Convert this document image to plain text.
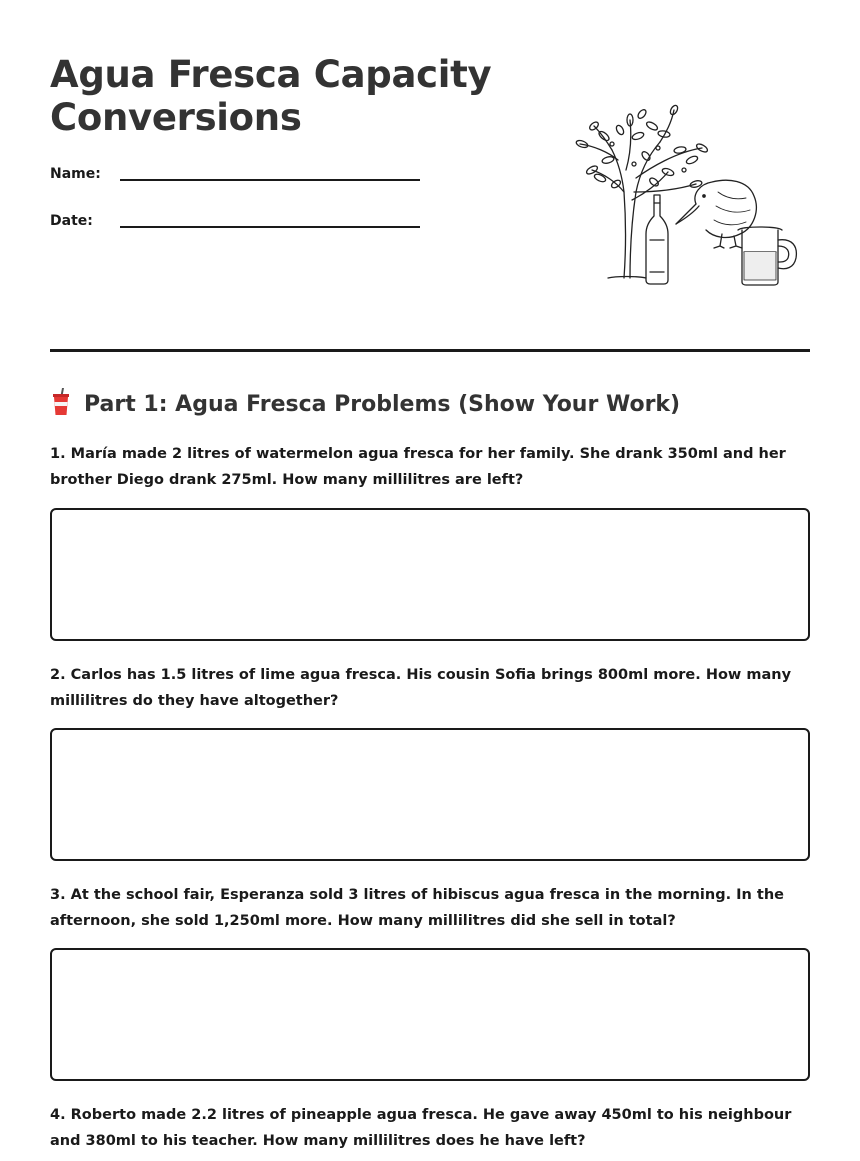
Agua Fresca Capacity Conversions
Name:
Date:
Part 1: Agua Fresca Problems (Show Your Work)

1. María made 2 litres of watermelon agua fresca for her family. She drank 350ml and her brother Diego drank 275ml. How many millilitres are left?

2. Carlos has 1.5 litres of lime agua fresca. His cousin Sofia brings 800ml more. How many millilitres do they have altogether?

3. At the school fair, Esperanza sold 3 litres of hibiscus agua fresca in the morning. In the afternoon, she sold 1,250ml more. How many millilitres did she sell in total?

4. Roberto made 2.2 litres of pineapple agua fresca. He gave away 450ml to his neighbour and 380ml to his teacher. How many millilitres does he have left?
